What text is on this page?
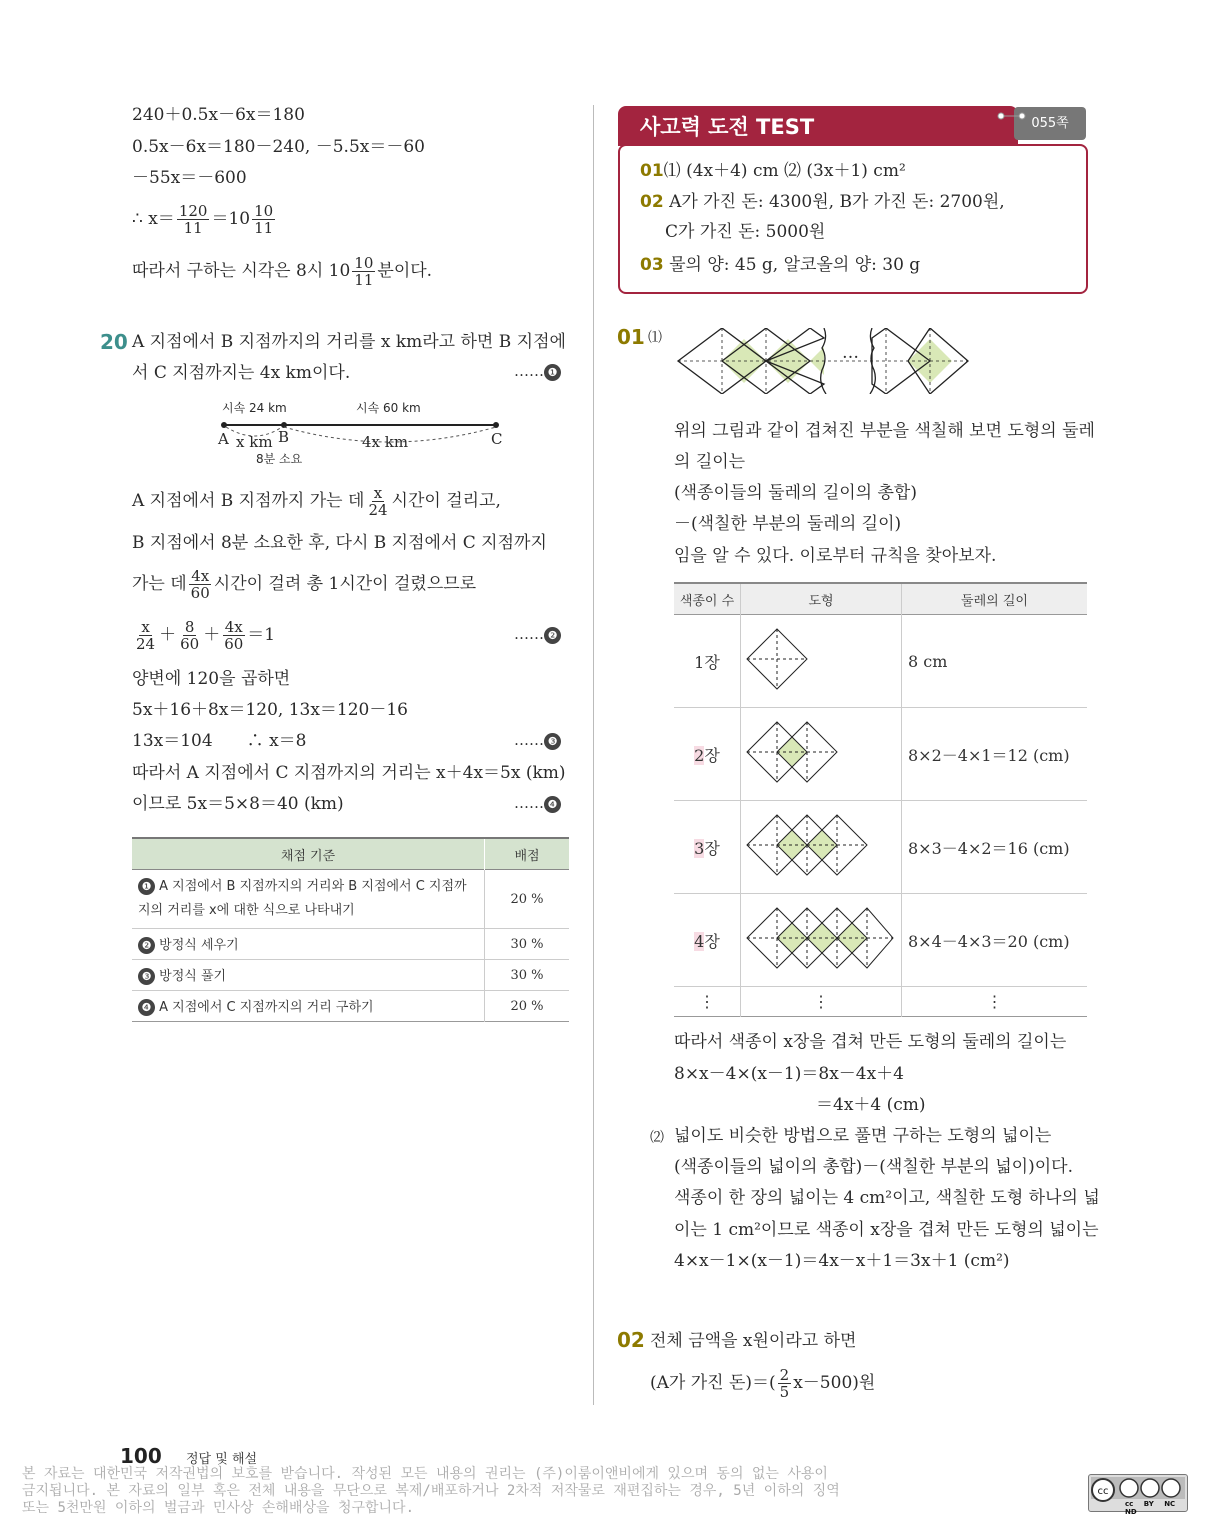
240＋0.5x－6x＝180
0.5x－6x＝180－240, －5.5x＝－60
－55x＝－600
∴ $x= \frac{120}{11} =10 \frac{10}{11}$
따라서 구하는 시각은 8시 $10 \frac{10}{11}$ 분이다.
20 A 지점에서 B 지점까지의 거리를 x km라고 하면 B 지점에
서 C 지점까지는 4x km이다.	…… ❶
시속 24 km	시속 60 km
A	B	C
x km	4x km
8분 소요
A 지점에서 B 지점까지 가는 데 $\frac{x}{24}$ 시간이 걸리고,
B 지점에서 8분 소요한 후, 다시 B 지점에서 C 지점까지
가는 데 $\frac{4x}{60}$ 시간이 걸려 총 1시간이 걸렸으므로
$\frac{x}{24} + \frac{8}{60} + \frac{4x}{60} =1$	…… ❷
양변에 120을 곱하면
5x＋16＋8x＝120, 13x＝120－16
13x＝104　　∴ x＝8	…… ❸
따라서 A 지점에서 C 지점까지의 거리는 x＋4x＝5x (km)
이므로 5x＝5×8＝40 (km)	…… ❹
채점 기준	배점
❶ A 지점에서 B 지점까지의 거리와 B 지점에서 C 지점까지의 거리를 x에 대한 식으로 나타내기	20 %
❷ 방정식 세우기	30 %
❸ 방정식 풀기	30 %
❹ A 지점에서 C 지점까지의 거리 구하기	20 %
사고력 도전 TEST	055쪽
01⑴ (4x＋4) cm ⑵ (3x＋1) cm²
02 A가 가진 돈: 4300원, B가 가진 돈: 2700원,
C가 가진 돈: 5000원
03 물의 양: 45 g, 알코올의 양: 30 g
01 ⑴
…
위의 그림과 같이 겹쳐진 부분을 색칠해 보면 도형의 둘레
의 길이는
(색종이들의 둘레의 길이의 총합)
－(색칠한 부분의 둘레의 길이)
임을 알 수 있다. 이로부터 규칙을 찾아보자.
색종이 수	도형	둘레의 길이
1장		8 cm
2장		8×2－4×1＝12 (cm)
3장		8×3－4×2＝16 (cm)
4장		8×4－4×3＝20 (cm)
⋮	⋮	⋮
따라서 색종이 x장을 겹쳐 만든 도형의 둘레의 길이는
8×x－4×(x－1)＝8x－4x＋4
＝4x＋4 (cm)
⑵ 넓이도 비슷한 방법으로 풀면 구하는 도형의 넓이는
(색종이들의 넓이의 총합)－(색칠한 부분의 넓이)이다.
색종이 한 장의 넓이는 4 cm²이고, 색칠한 도형 하나의 넓
이는 1 cm²이므로 색종이 x장을 겹쳐 만든 도형의 넓이는
4×x－1×(x－1)＝4x－x＋1＝3x＋1 (cm²)
02 전체 금액을 x원이라고 하면
(A가 가진 돈)＝( $\frac{2}{5} x-500$)원
100 정답 및 해설
본 자료는 대한민국 저작권법의 보호를 받습니다. 작성된 모든 내용의 권리는 (주)이룸이앤비에게 있으며 동의 없는 사용이
금지됩니다. 본 자료의 일부 혹은 전체 내용을 무단으로 복제/배포하거나 2차적 저작물로 재편집하는 경우, 5년 이하의 징역
또는 5천만원 이하의 벌금과 민사상 손해배상을 청구합니다.
cc
cc BY NC ND
